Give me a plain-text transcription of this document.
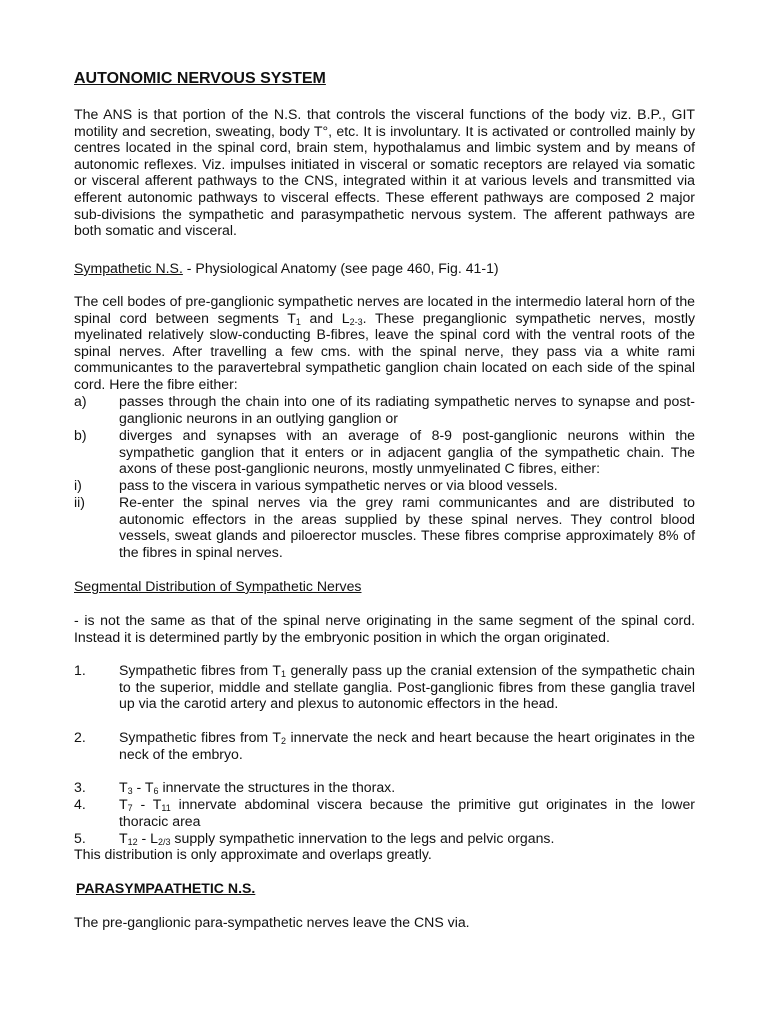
AUTONOMIC NERVOUS SYSTEM

The ANS is that portion of the N.S. that controls the visceral functions of the body viz. B.P., GIT motility and secretion, sweating, body T°, etc. It is involuntary. It is activated or controlled mainly by centres located in the spinal cord, brain stem, hypothalamus and limbic system and by means of autonomic reflexes. Viz. impulses initiated in visceral or somatic receptors are relayed via somatic or visceral afferent pathways to the CNS, integrated within it at various levels and transmitted via efferent autonomic pathways to visceral effects. These efferent pathways are composed 2 major sub-divisions the sympathetic and parasympathetic nervous system. The afferent pathways are both somatic and visceral.

Sympathetic N.S. - Physiological Anatomy (see page 460, Fig. 41-1)

The cell bodes of pre-ganglionic sympathetic nerves are located in the intermedio lateral horn of the spinal cord between segments $T_1$ and $L_{2-3}$. These preganglionic sympathetic nerves, mostly myelinated relatively slow-conducting B-fibres, leave the spinal cord with the ventral roots of the spinal nerves. After travelling a few cms. with the spinal nerve, they pass via a white rami communicantes to the paravertebral sympathetic ganglion chain located on each side of the spinal cord. Here the fibre either:

a) passes through the chain into one of its radiating sympathetic nerves to synapse and post-ganglionic neurons in an outlying ganglion or
b) diverges and synapses with an average of 8-9 post-ganglionic neurons within the sympathetic ganglion that it enters or in adjacent ganglia of the sympathetic chain. The axons of these post-ganglionic neurons, mostly unmyelinated C fibres, either:
i)	pass to the viscera in various sympathetic nerves or via blood vessels.
ii) Re-enter the spinal nerves via the grey rami communicantes and are distributed to autonomic effectors in the areas supplied by these spinal nerves. They control blood vessels, sweat glands and piloerector muscles. These fibres comprise approximately 8% of the fibres in spinal nerves.

Segmental Distribution of Sympathetic Nerves

- is not the same as that of the spinal nerve originating in the same segment of the spinal cord. Instead it is determined partly by the embryonic position in which the organ originated.

1. Sympathetic fibres from $T_1$ generally pass up the cranial extension of the sympathetic chain to the superior, middle and stellate ganglia. Post-ganglionic fibres from these ganglia travel up via the carotid artery and plexus to autonomic effectors in the head.
2. Sympathetic fibres from $T_2$ innervate the neck and heart because the heart originates in the neck of the embryo.
3. $T_3 - T_6$ innervate the structures in the thorax.
4. $T_7 - T_{11}$ innervate abdominal viscera because the primitive gut originates in the lower thoracic area
5. $T_{12} - L_{2/3}$ supply sympathetic innervation to the legs and pelvic organs.

This distribution is only approximate and overlaps greatly.

PARASYMPAATHETIC N.S.

The pre-ganglionic para-sympathetic nerves leave the CNS via.
